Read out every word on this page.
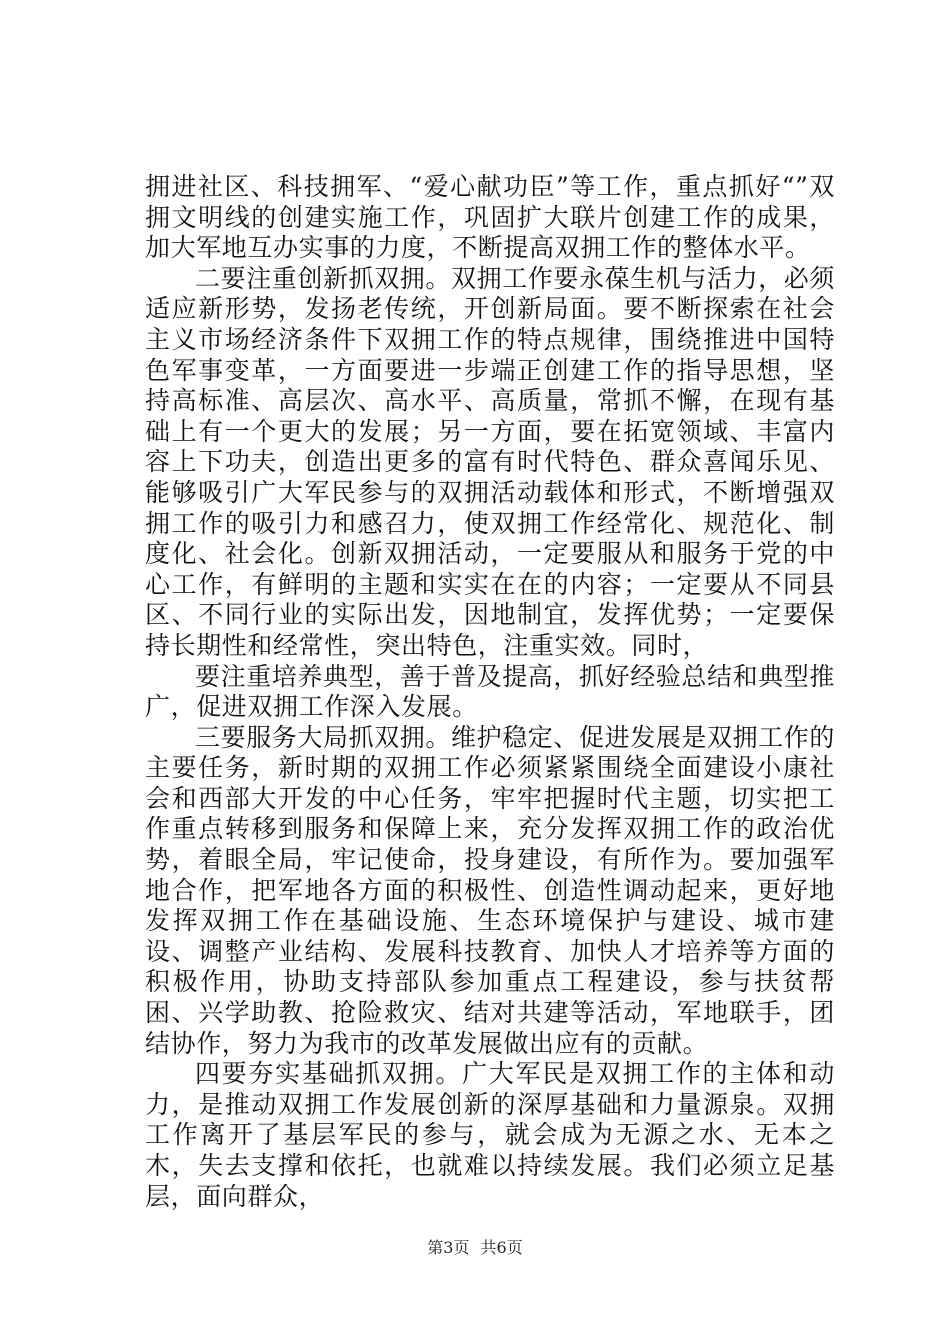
拥进社区、科技拥军、“爱心献功臣”等工作，重点抓好“”双拥文明线的创建实施工作，巩固扩大联片创建工作的成果，加大军地互办实事的力度，不断提高双拥工作的整体水平。

二要注重创新抓双拥。双拥工作要永葆生机与活力，必须适应新形势，发扬老传统，开创新局面。要不断探索在社会主义市场经济条件下双拥工作的特点规律，围绕推进中国特色军事变革，一方面要进一步端正创建工作的指导思想，坚持高标准、高层次、高水平、高质量，常抓不懈，在现有基础上有一个更大的发展；另一方面，要在拓宽领域、丰富内容上下功夫，创造出更多的富有时代特色、群众喜闻乐见、能够吸引广大军民参与的双拥活动载体和形式，不断增强双拥工作的吸引力和感召力，使双拥工作经常化、规范化、制度化、社会化。创新双拥活动，一定要服从和服务于党的中心工作，有鲜明的主题和实实在在的内容；一定要从不同县区、不同行业的实际出发，因地制宜，发挥优势；一定要保持长期性和经常性，突出特色，注重实效。同时，

要注重培养典型，善于普及提高，抓好经验总结和典型推广，促进双拥工作深入发展。

三要服务大局抓双拥。维护稳定、促进发展是双拥工作的主要任务，新时期的双拥工作必须紧紧围绕全面建设小康社会和西部大开发的中心任务，牢牢把握时代主题，切实把工作重点转移到服务和保障上来，充分发挥双拥工作的政治优势，着眼全局，牢记使命，投身建设，有所作为。要加强军地合作，把军地各方面的积极性、创造性调动起来，更好地发挥双拥工作在基础设施、生态环境保护与建设、城市建设、调整产业结构、发展科技教育、加快人才培养等方面的积极作用，协助支持部队参加重点工程建设，参与扶贫帮困、兴学助教、抢险救灾、结对共建等活动，军地联手，团结协作，努力为我市的改革发展做出应有的贡献。

四要夯实基础抓双拥。广大军民是双拥工作的主体和动力，是推动双拥工作发展创新的深厚基础和力量源泉。双拥工作离开了基层军民的参与，就会成为无源之水、无本之木，失去支撑和依托，也就难以持续发展。我们必须立足基层，面向群众，

第3页 共6页
